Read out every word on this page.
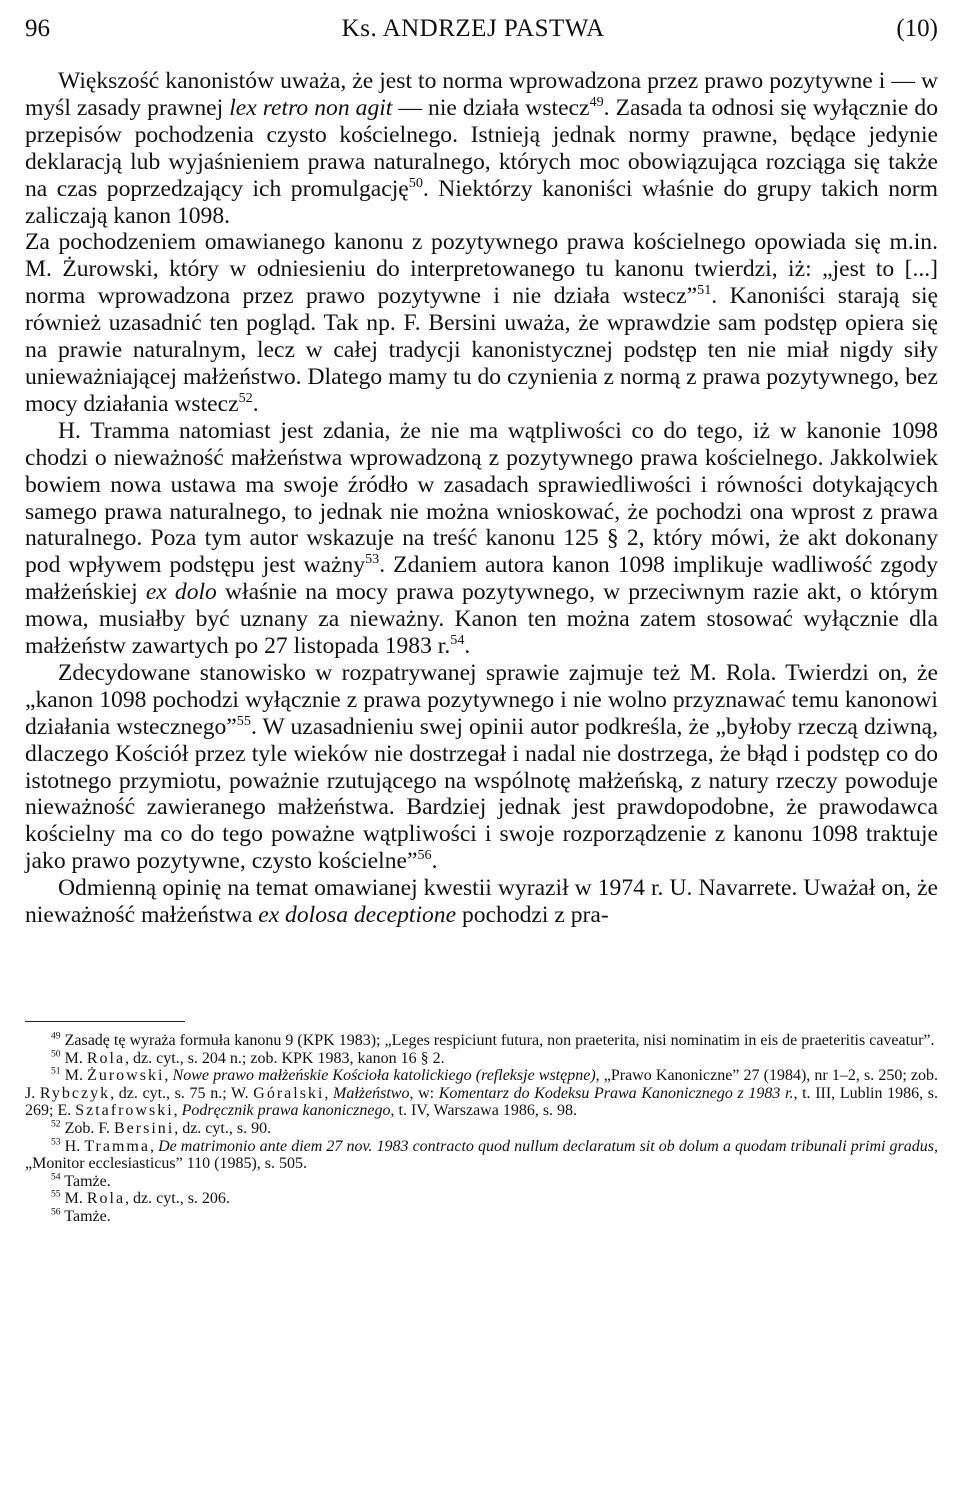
96	Ks. ANDRZEJ PASTWA	(10)

Większość kanonistów uważa, że jest to norma wprowadzona przez prawo pozytywne i — w myśl zasady prawnej lex retro non agit — nie działa wstecz$^{49}$. Zasada ta odnosi się wyłącznie do przepisów pochodzenia czysto kościelnego. Istnieją jednak normy prawne, będące jedynie deklaracją lub wyjaśnieniem prawa naturalnego, których moc obowiązująca rozciąga się także na czas poprzedzający ich promulgację$^{50}$. Niektórzy kanoniści właśnie do grupy takich norm zaliczają kanon 1098.

Za pochodzeniem omawianego kanonu z pozytywnego prawa kościelnego opowiada się m.in. M. Żurowski, który w odniesieniu do interpretowanego tu kanonu twierdzi, iż: „jest to [...] norma wprowadzona przez prawo pozytywne i nie działa wstecz”$^{51}$. Kanoniści starają się również uzasadnić ten pogląd. Tak np. F. Bersini uważa, że wprawdzie sam podstęp opiera się na prawie naturalnym, lecz w całej tradycji kanonistycznej podstęp ten nie miał nigdy siły unieważniającej małżeństwo. Dlatego mamy tu do czynienia z normą z prawa pozytywnego, bez mocy działania wstecz$^{52}$.

H. Tramma natomiast jest zdania, że nie ma wątpliwości co do tego, iż w kanonie 1098 chodzi o nieważność małżeństwa wprowadzoną z pozytywnego prawa kościelnego. Jakkolwiek bowiem nowa ustawa ma swoje źródło w zasadach sprawiedliwości i równości dotykających samego prawa naturalnego, to jednak nie można wnioskować, że pochodzi ona wprost z prawa naturalnego. Poza tym autor wskazuje na treść kanonu 125 § 2, który mówi, że akt dokonany pod wpływem podstępu jest ważny$^{53}$. Zdaniem autora kanon 1098 implikuje wadliwość zgody małżeńskiej ex dolo właśnie na mocy prawa pozytywnego, w przeciwnym razie akt, o którym mowa, musiałby być uznany za nieważny. Kanon ten można zatem stosować wyłącznie dla małżeństw zawartych po 27 listopada 1983 r.$^{54}$.

Zdecydowane stanowisko w rozpatrywanej sprawie zajmuje też M. Rola. Twierdzi on, że „kanon 1098 pochodzi wyłącznie z prawa pozytywnego i nie wolno przyznawać temu kanonowi działania wstecznego”$^{55}$. W uzasadnieniu swej opinii autor podkreśla, że „byłoby rzeczą dziwną, dlaczego Kościół przez tyle wieków nie dostrzegał i nadal nie dostrzega, że błąd i podstęp co do istotnego przymiotu, poważnie rzutującego na wspólnotę małżeńską, z natury rzeczy powoduje nieważność zawieranego małżeństwa. Bardziej jednak jest prawdopodobne, że prawodawca kościelny ma co do tego poważne wątpliwości i swoje rozporządzenie z kanonu 1098 traktuje jako prawo pozytywne, czysto kościelne”$^{56}$.

Odmienną opinię na temat omawianej kwestii wyraził w 1974 r. U. Navarrete. Uważał on, że nieważność małżeństwa ex dolosa deceptione pochodzi z pra-

$^{49}$ Zasadę tę wyraża formuła kanonu 9 (KPK 1983); „Leges respiciunt futura, non praeterita, nisi nominatim in eis de praeteritis caveatur”.

$^{50}$ M. Rola, dz. cyt., s. 204 n.; zob. KPK 1983, kanon 16 § 2.

$^{51}$ M. Żurowski, Nowe prawo małżeńskie Kościoła katolickiego (refleksje wstępne), „Prawo Kanoniczne” 27 (1984), nr 1–2, s. 250; zob. J. Rybczyk, dz. cyt., s. 75 n.; W. Góralski, Małżeństwo, w: Komentarz do Kodeksu Prawa Kanonicznego z 1983 r., t. III, Lublin 1986, s. 269; E. Sztafrowski, Podręcznik prawa kanonicznego, t. IV, Warszawa 1986, s. 98.

$^{52}$ Zob. F. Bersini, dz. cyt., s. 90.

$^{53}$ H. Tramma, De matrimonio ante diem 27 nov. 1983 contracto quod nullum declaratum sit ob dolum a quodam tribunali primi gradus, „Monitor ecclesiasticus” 110 (1985), s. 505.

$^{54}$ Tamże.

$^{55}$ M. Rola, dz. cyt., s. 206.

$^{56}$ Tamże.
